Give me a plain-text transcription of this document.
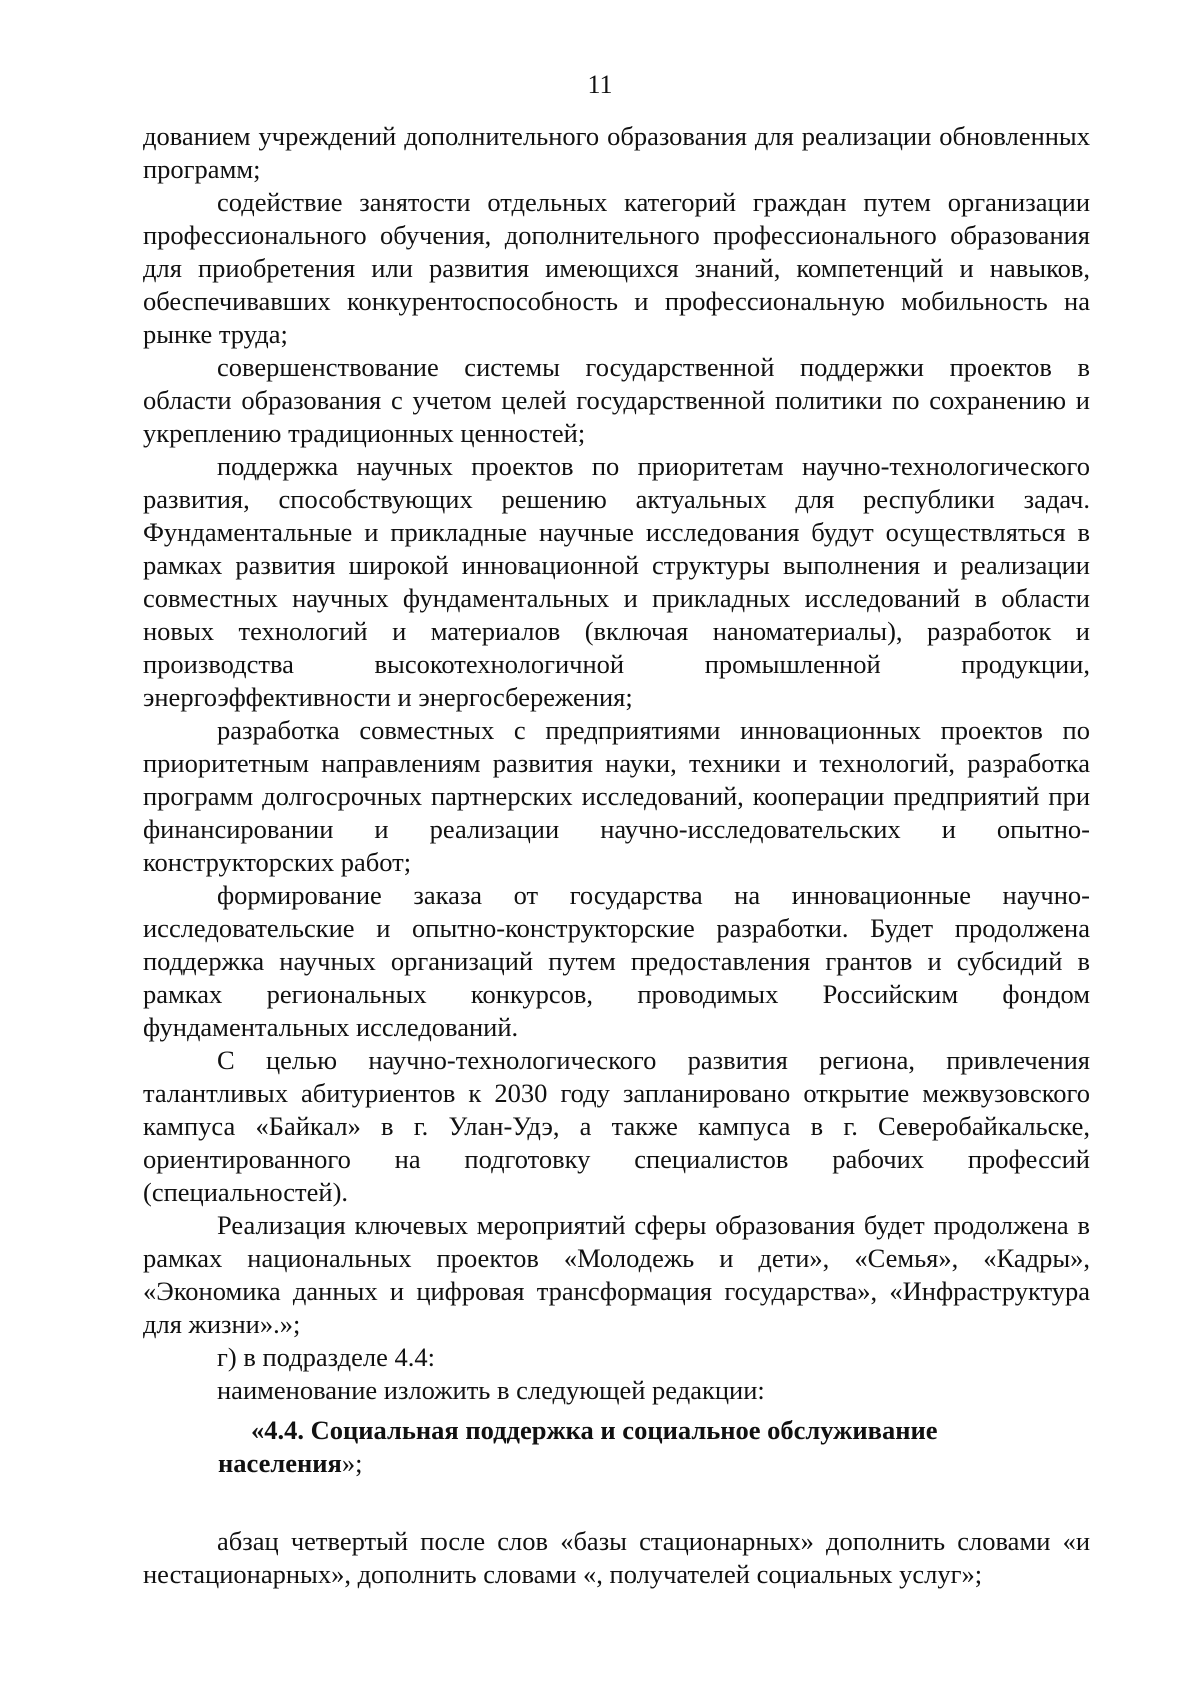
11

дованием учреждений дополнительного образования для реализации обновленных программ;

содействие занятости отдельных категорий граждан путем организации профессионального обучения, дополнительного профессионального образования для приобретения или развития имеющихся знаний, компетенций и навыков, обеспечивавших конкурентоспособность и профессиональную мобильность на рынке труда;

совершенствование системы государственной поддержки проектов в области образования с учетом целей государственной политики по сохранению и укреплению традиционных ценностей;

поддержка научных проектов по приоритетам научно-технологического развития, способствующих решению актуальных для республики задач. Фундаментальные и прикладные научные исследования будут осуществляться в рамках развития широкой инновационной структуры выполнения и реализации совместных научных фундаментальных и прикладных исследований в области новых технологий и материалов (включая наноматериалы), разработок и производства высокотехнологичной промышленной продукции, энергоэффективности и энергосбережения;

разработка совместных с предприятиями инновационных проектов по приоритетным направлениям развития науки, техники и технологий, разработка программ долгосрочных партнерских исследований, кооперации предприятий при финансировании и реализации научно-исследовательских и опытно-конструкторских работ;

формирование заказа от государства на инновационные научно-исследовательские и опытно-конструкторские разработки. Будет продолжена поддержка научных организаций путем предоставления грантов и субсидий в рамках региональных конкурсов, проводимых Российским фондом фундаментальных исследований.

С целью научно-технологического развития региона, привлечения талантливых абитуриентов к 2030 году запланировано открытие межвузовского кампуса «Байкал» в г. Улан-Удэ, а также кампуса в г. Северобайкальске, ориентированного на подготовку специалистов рабочих профессий (специальностей).

Реализация ключевых мероприятий сферы образования будет продолжена в рамках национальных проектов «Молодежь и дети», «Семья», «Кадры», «Экономика данных и цифровая трансформация государства», «Инфраструктура для жизни».»;

г) в подразделе 4.4:

наименование изложить в следующей редакции:

«4.4. Социальная поддержка и социальное обслуживание
населения»;

абзац четвертый после слов «базы стационарных» дополнить словами «и нестационарных», дополнить словами «, получателей социальных услуг»;
